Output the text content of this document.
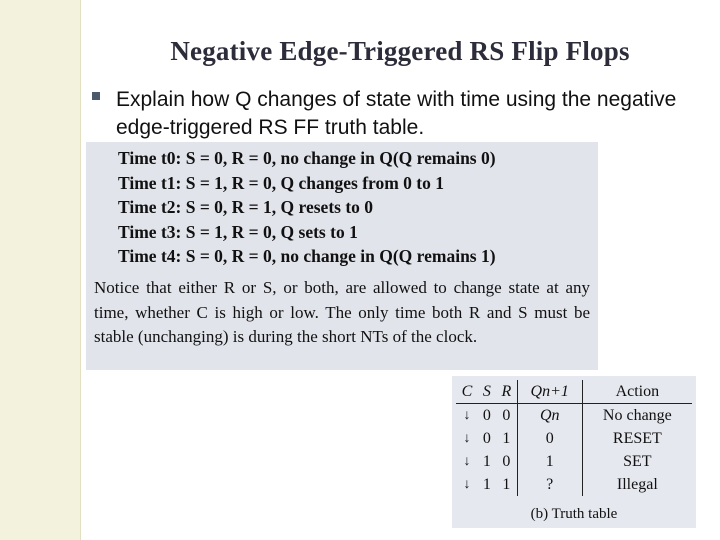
Negative Edge-Triggered RS Flip Flops
Explain how Q changes of state with time using the negative edge-triggered RS FF truth table.
Time t0: S = 0, R = 0, no change in Q(Q remains 0)
Time t1: S = 1, R = 0, Q changes from 0 to 1
Time t2: S = 0, R = 1, Q resets to 0
Time t3: S = 1, R = 0, Q sets to 1
Time t4: S = 0, R = 0, no change in Q(Q remains 1)
Notice that either R or S, or both, are allowed to change state at any time, whether C is high or low. The only time both R and S must be stable (unchanging) is during the short NTs of the clock.
C	S	R	Qn+1	Action
↓	0	0	Qn	No change
↓	0	1	0	RESET
↓	1	0	1	SET
↓	1	1	?	Illegal
(b) Truth table
